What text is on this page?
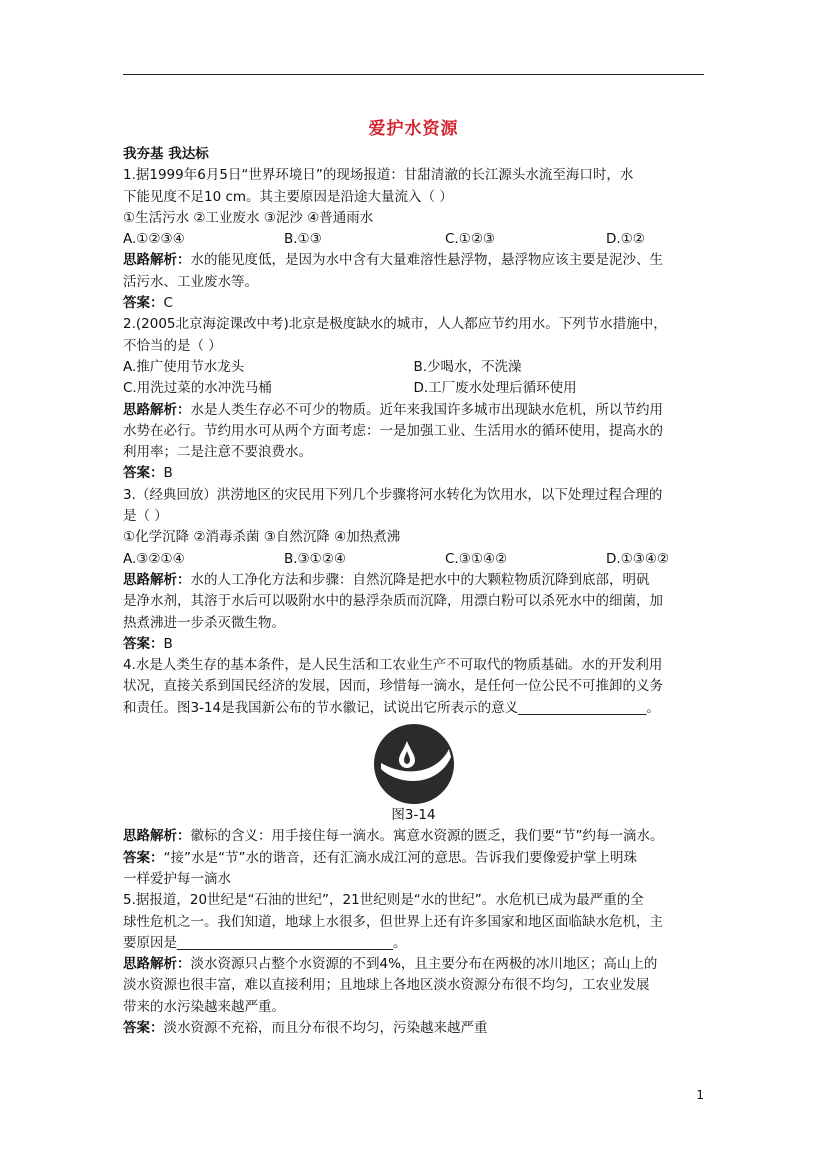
爱护水资源
我夯基 我达标
1.据1999年6月5日“世界环境日”的现场报道：甘甜清澈的长江源头水流至海口时，水
下能见度不足10 cm。其主要原因是沿途大量流入（ ）
①生活污水 ②工业废水 ③泥沙 ④普通雨水
A.①②③④	B.①③	C.①②③	D.①②
思路解析：水的能见度低，是因为水中含有大量难溶性悬浮物，悬浮物应该主要是泥沙、生
活污水、工业废水等。
答案：C
2.(2005北京海淀课改中考)北京是极度缺水的城市，人人都应节约用水。下列节水措施中，
不恰当的是（ ）
A.推广使用节水龙头	B.少喝水，不洗澡
C.用洗过菜的水冲洗马桶	D.工厂废水处理后循环使用
思路解析：水是人类生存必不可少的物质。近年来我国许多城市出现缺水危机，所以节约用
水势在必行。节约用水可从两个方面考虑：一是加强工业、生活用水的循环使用，提高水的
利用率；二是注意不要浪费水。
答案：B
3.（经典回放）洪涝地区的灾民用下列几个步骤将河水转化为饮用水，以下处理过程合理的
是（ ）
①化学沉降 ②消毒杀菌 ③自然沉降 ④加热煮沸
A.③②①④	B.③①②④	C.③①④②	D.①③④②
思路解析：水的人工净化方法和步骤：自然沉降是把水中的大颗粒物质沉降到底部，明矾
是净水剂，其溶于水后可以吸附水中的悬浮杂质而沉降，用漂白粉可以杀死水中的细菌，加
热煮沸进一步杀灭微生物。
答案：B
4.水是人类生存的基本条件，是人民生活和工农业生产不可取代的物质基础。水的开发利用
状况，直接关系到国民经济的发展，因而，珍惜每一滴水，是任何一位公民不可推卸的义务
和责任。图3-14是我国新公布的节水徽记，试说出它所表示的意义___________________。
图3-14
思路解析：徽标的含义：用手接住每一滴水。寓意水资源的匮乏，我们要“节”约每一滴水。
答案：“接”水是“节”水的谐音，还有汇滴水成江河的意思。告诉我们要像爱护掌上明珠
一样爱护每一滴水
5.据报道，20世纪是“石油的世纪”，21世纪则是“水的世纪”。水危机已成为最严重的全
球性危机之一。我们知道，地球上水很多，但世界上还有许多国家和地区面临缺水危机，主
要原因是________________________________。
思路解析：淡水资源只占整个水资源的不到4%，且主要分布在两极的冰川地区；高山上的
淡水资源也很丰富，难以直接利用；且地球上各地区淡水资源分布很不均匀，工农业发展
带来的水污染越来越严重。
答案：淡水资源不充裕，而且分布很不均匀，污染越来越严重
1
